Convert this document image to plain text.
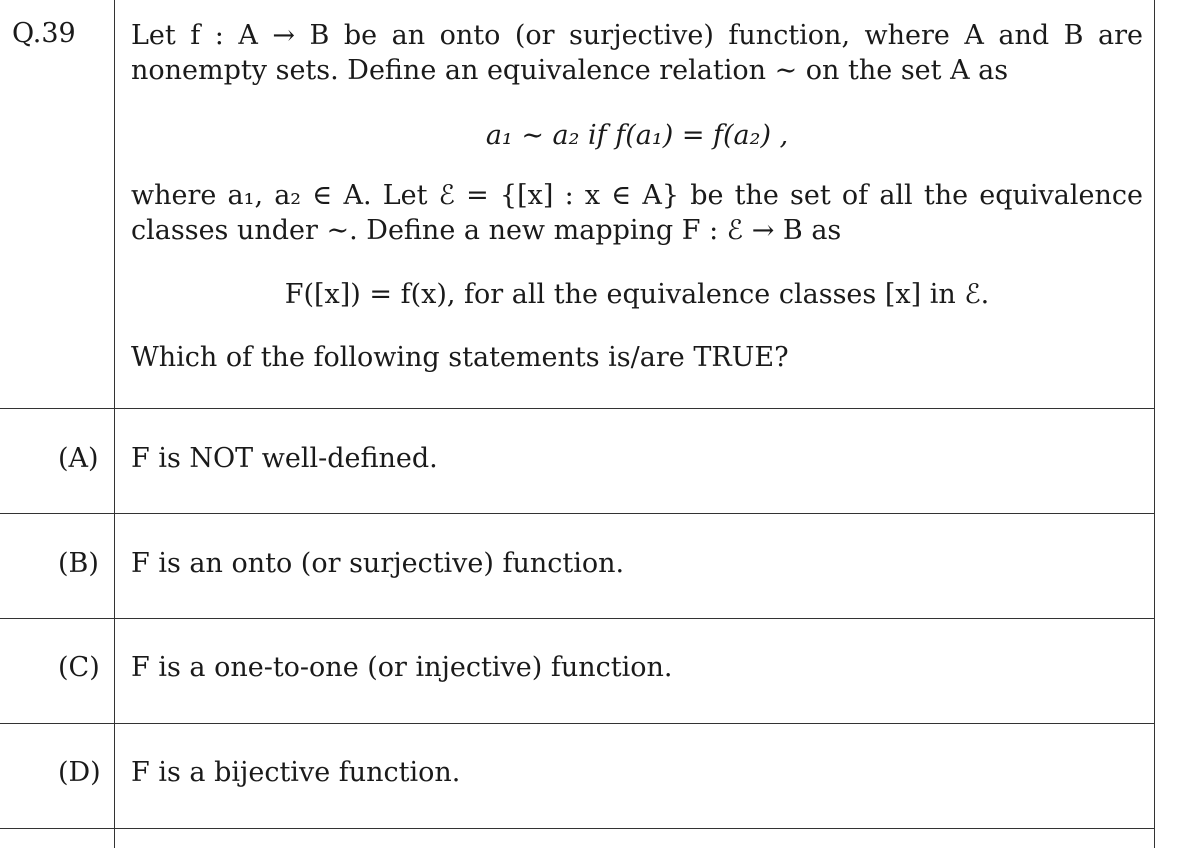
Q.39 Let f : A → B be an onto (or surjective) function, where A and B are nonempty sets. Define an equivalence relation ∼ on the set A as
a₁ ∼ a₂ if f(a₁) = f(a₂) ,
where a₁, a₂ ∈ A. Let ℰ = {[x] : x ∈ A} be the set of all the equivalence classes under ∼. Define a new mapping F : ℰ → B as
F([x]) = f(x), for all the equivalence classes [x] in ℰ.
Which of the following statements is/are TRUE?
(A) F is NOT well-defined.
(B) F is an onto (or surjective) function.
(C) F is a one-to-one (or injective) function.
(D) F is a bijective function.
